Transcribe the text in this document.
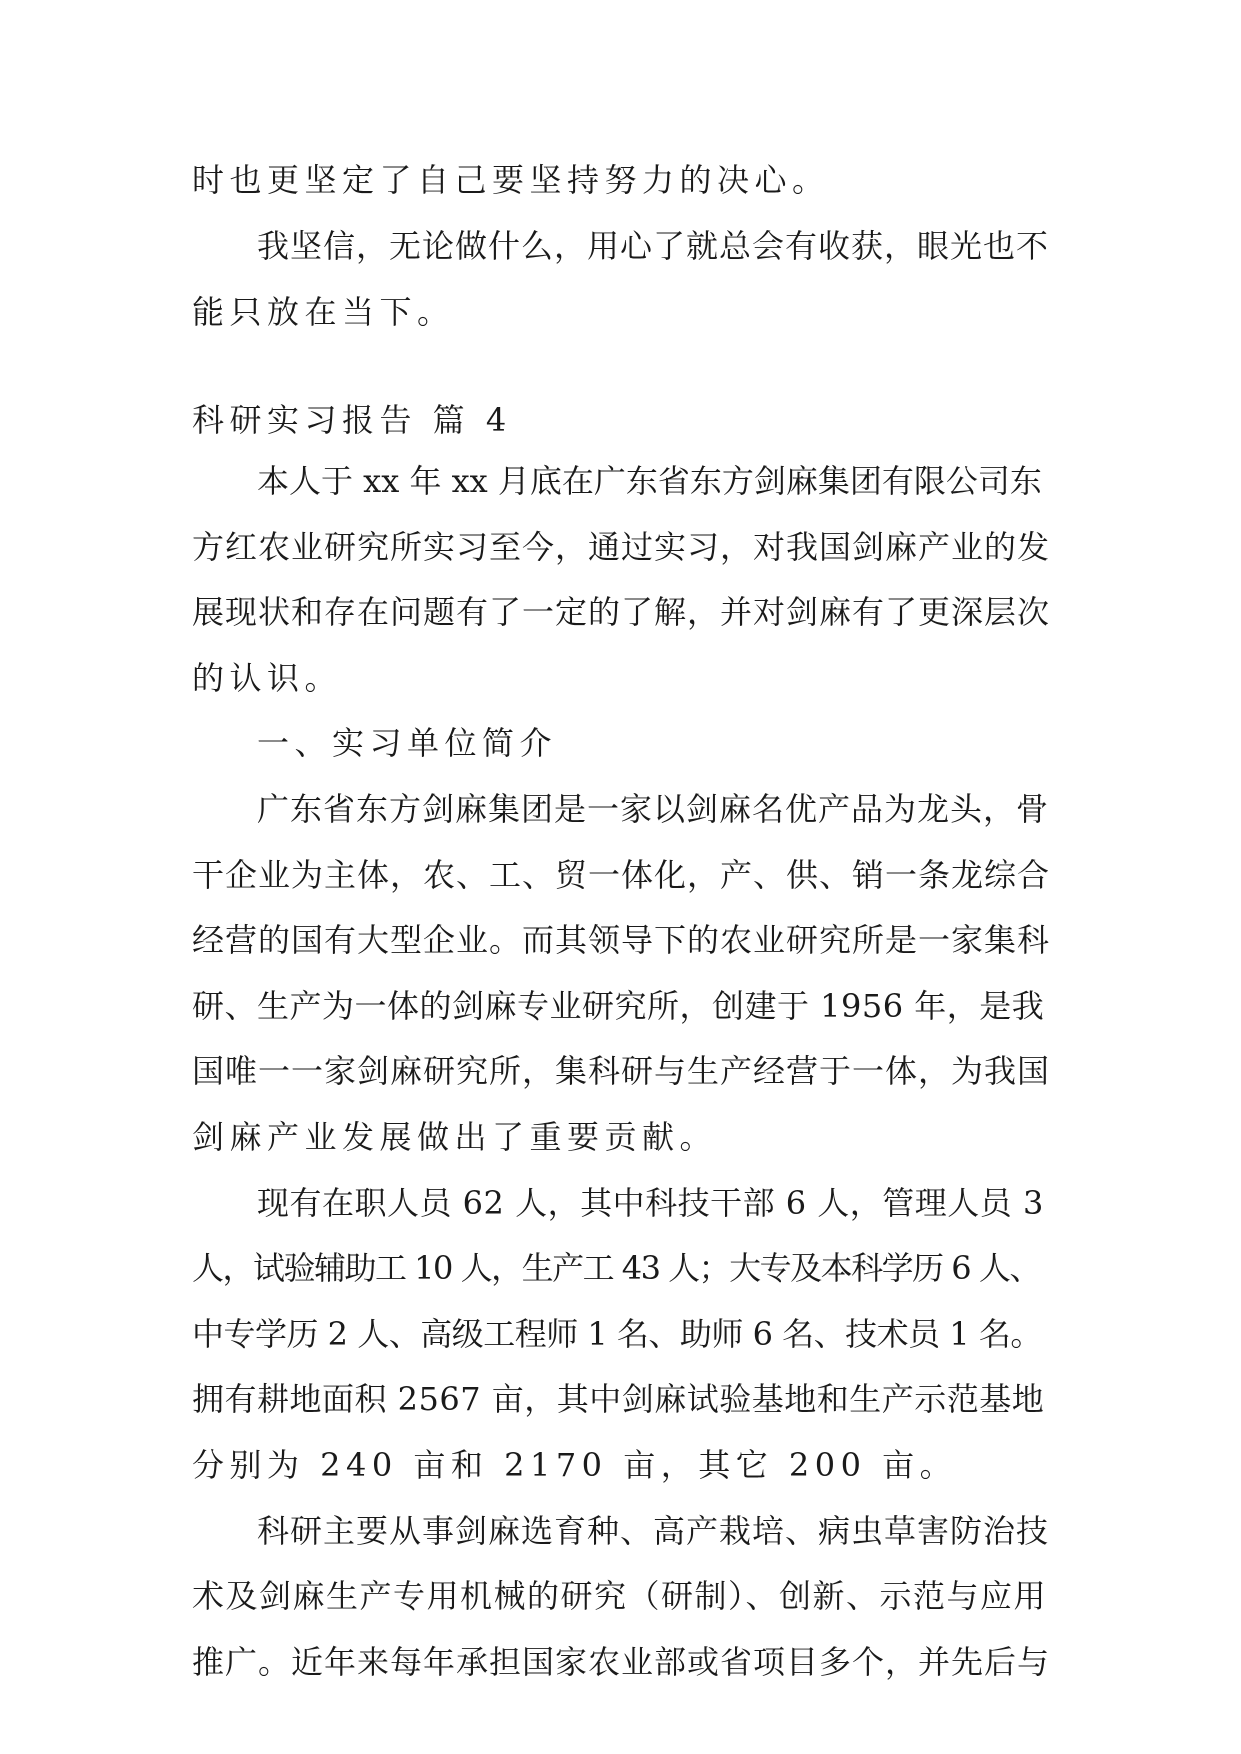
时也更坚定了自己要坚持努力的决心。
我坚信，无论做什么，用心了就总会有收获，眼光也不
能只放在当下。
科研实习报告 篇 4
本人于 xx 年 xx 月底在广东省东方剑麻集团有限公司东
方红农业研究所实习至今，通过实习，对我国剑麻产业的发
展现状和存在问题有了一定的了解，并对剑麻有了更深层次
的认识。
一、实习单位简介
广东省东方剑麻集团是一家以剑麻名优产品为龙头，骨
干企业为主体，农、工、贸一体化，产、供、销一条龙综合
经营的国有大型企业。而其领导下的农业研究所是一家集科
研、生产为一体的剑麻专业研究所，创建于 1956 年，是我
国唯一一家剑麻研究所，集科研与生产经营于一体，为我国
剑麻产业发展做出了重要贡献。
现有在职人员 62 人，其中科技干部 6 人，管理人员 3
人，试验辅助工 10 人，生产工 43 人；大专及本科学历 6 人、
中专学历 2 人、高级工程师 1 名、助师 6 名、技术员 1 名。
拥有耕地面积 2567 亩，其中剑麻试验基地和生产示范基地
分别为 240 亩和 2170 亩，其它 200 亩。
科研主要从事剑麻选育种、高产栽培、病虫草害防治技
术及剑麻生产专用机械的研究（研制）、创新、示范与应用
推广。近年来每年承担国家农业部或省项目多个，并先后与
